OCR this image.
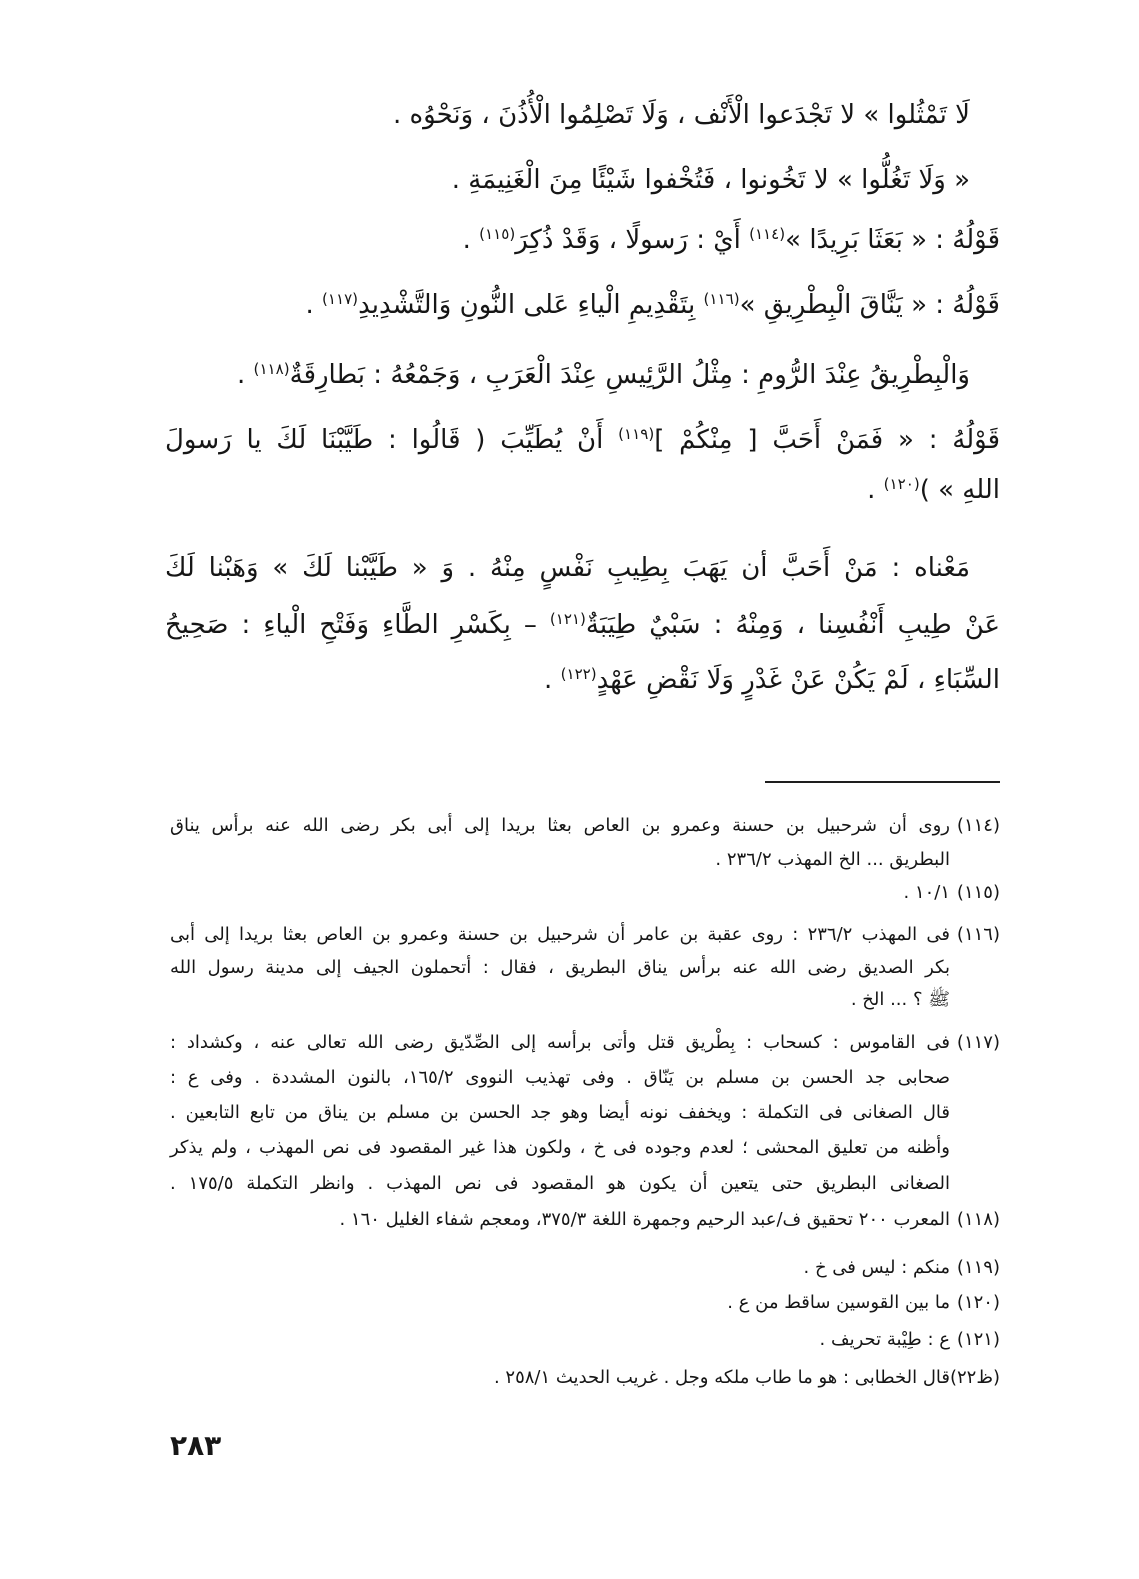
لَا تَمْثُلوا » لا تَجْدَعوا الْأَنْف ، وَلَا تَصْلِمُوا الْأُذُنَ ، وَنَحْوُه .
« وَلَا تَغُلُّوا » لا تَخُونوا ، فَتُخْفوا شَيْئًا مِنَ الْغَنِيمَةِ .
قَوْلُهُ : « بَعَثَا بَرِيدًا »$^{(١١٤)}$ أَيْ : رَسولًا ، وَقَدْ ذُكِرَ$^{(١١٥)}$ .
قَوْلُهُ : « يَنَّاقَ الْبِطْرِيقِ »$^{(١١٦)}$ بِتَقْدِيمِ الْياءِ عَلى النُّونِ وَالتَّشْدِيدِ$^{(١١٧)}$ .
وَالْبِطْرِيقُ عِنْدَ الرُّومِ : مِثْلُ الرَّئِيسِ عِنْدَ الْعَرَبِ ، وَجَمْعُهُ : بَطارِقَةٌ$^{(١١٨)}$ .
قَوْلُهُ : « فَمَنْ أَحَبَّ [ مِنْكُمْ ]$^{(١١٩)}$ أَنْ يُطَيِّبَ ( قَالُوا : طَيَّبْنَا لَكَ يا رَسولَ
اللهِ » )$^{(١٢٠)}$ .
مَعْناه : مَنْ أَحَبَّ أن يَهَبَ بِطِيبِ نَفْسٍ مِنْهُ . وَ « طَيَّبْنا لَكَ » وَهَبْنا لَكَ
عَنْ طِيبِ أَنْفُسِنا ، وَمِنْهُ : سَبْيٌ طِيَبَةٌ$^{(١٢١)}$ – بِكَسْرِ الطَّاءِ وَفَتْحِ الْياءِ : صَحِيحُ
السِّبَاءِ ، لَمْ يَكُنْ عَنْ غَدْرٍ وَلَا نَقْضِ عَهْدٍ$^{(١٢٢)}$ .
(١١٤)
روى أن شرحبيل بن حسنة وعمرو بن العاص بعثا بريدا إلى أبى بكر رضى الله عنه برأس يناق
البطريق ... الخ المهذب ٢٣٦/٢ .
(١١٥)
١٠/١ .
(١١٦)
فى المهذب ٢٣٦/٢ : روى عقبة بن عامر أن شرحبيل بن حسنة وعمرو بن العاص بعثا بريدا إلى أبى
بكر الصديق رضى الله عنه برأس يناق البطريق ، فقال : أتحملون الجيف إلى مدينة رسول الله
ﷺ ؟ ... الخ .
(١١٧)
فى القاموس : كسحاب : بِطْريق قتل وأتى برأسه إلى الصِّدّيق رضى الله تعالى عنه ، وكشداد :
صحابى جد الحسن بن مسلم بن يَنّاق . وفى تهذيب النووى ١٦٥/٢، بالنون المشددة . وفى ع :
قال الصغانى فى التكملة : ويخفف نونه أيضا وهو جد الحسن بن مسلم بن يناق من تابع التابعين .
وأظنه من تعليق المحشى ؛ لعدم وجوده فى خ ، ولكون هذا غير المقصود فى نص المهذب ، ولم يذكر
الصغانى البطريق حتى يتعين أن يكون هو المقصود فى نص المهذب . وانظر التكملة ١٧٥/٥ .
(١١٨)
المعرب ٢٠٠ تحقيق ف/عبد الرحيم وجمهرة اللغة ٣٧٥/٣، ومعجم شفاء الغليل ١٦٠ .
(١١٩)
منكم : ليس فى خ .
(١٢٠)
ما بين القوسين ساقط من ع .
(١٢١)
ع : طِيْبة تحريف .
(ظ٢٢)
قال الخطابى : هو ما طاب ملكه وجل . غريب الحديث ٢٥٨/١ .
٢٨٣
